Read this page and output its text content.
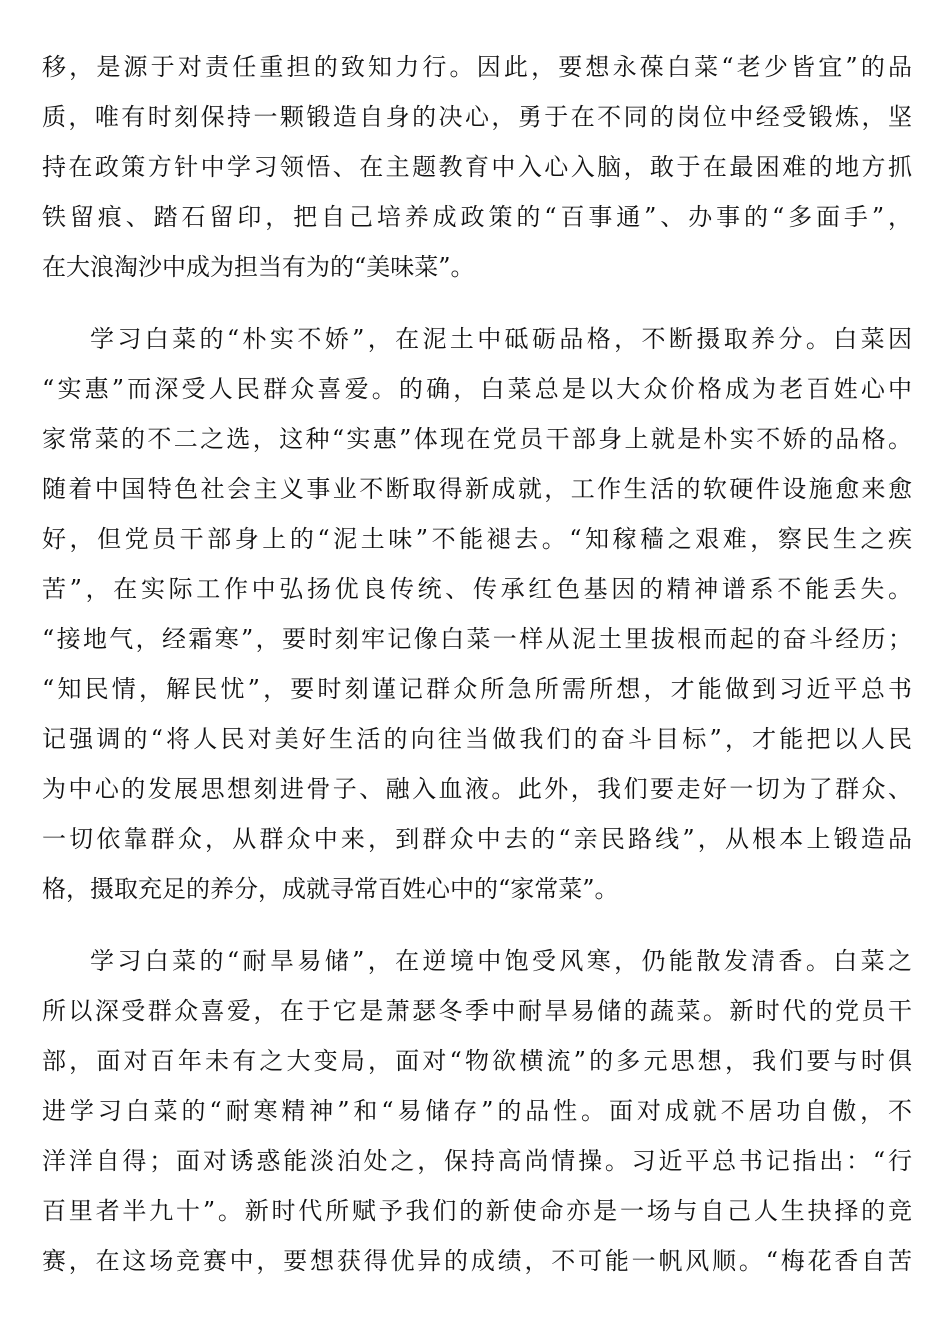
移，是源于对责任重担的致知力行。因此，要想永葆白菜“老少皆宜”的品
质，唯有时刻保持一颗锻造自身的决心，勇于在不同的岗位中经受锻炼，坚
持在政策方针中学习领悟、在主题教育中入心入脑，敢于在最困难的地方抓
铁留痕、踏石留印，把自己培养成政策的“百事通”、办事的“多面手”，
在大浪淘沙中成为担当有为的“美味菜”。
学习白菜的“朴实不娇”，在泥土中砥砺品格，不断摄取养分。白菜因
“实惠”而深受人民群众喜爱。的确，白菜总是以大众价格成为老百姓心中
家常菜的不二之选，这种“实惠”体现在党员干部身上就是朴实不娇的品格。
随着中国特色社会主义事业不断取得新成就，工作生活的软硬件设施愈来愈
好，但党员干部身上的“泥土味”不能褪去。“知稼穑之艰难，察民生之疾
苦”，在实际工作中弘扬优良传统、传承红色基因的精神谱系不能丢失。
“接地气，经霜寒”，要时刻牢记像白菜一样从泥土里拔根而起的奋斗经历；
“知民情，解民忧”，要时刻谨记群众所急所需所想，才能做到习近平总书
记强调的“将人民对美好生活的向往当做我们的奋斗目标”，才能把以人民
为中心的发展思想刻进骨子、融入血液。此外，我们要走好一切为了群众、
一切依靠群众，从群众中来，到群众中去的“亲民路线”，从根本上锻造品
格，摄取充足的养分，成就寻常百姓心中的“家常菜”。
学习白菜的“耐旱易储”，在逆境中饱受风寒，仍能散发清香。白菜之
所以深受群众喜爱，在于它是萧瑟冬季中耐旱易储的蔬菜。新时代的党员干
部，面对百年未有之大变局，面对“物欲横流”的多元思想，我们要与时俱
进学习白菜的“耐寒精神”和“易储存”的品性。面对成就不居功自傲，不
洋洋自得；面对诱惑能淡泊处之，保持高尚情操。习近平总书记指出：“行
百里者半九十”。新时代所赋予我们的新使命亦是一场与自己人生抉择的竞
赛，在这场竞赛中，要想获得优异的成绩，不可能一帆风顺。“梅花香自苦
